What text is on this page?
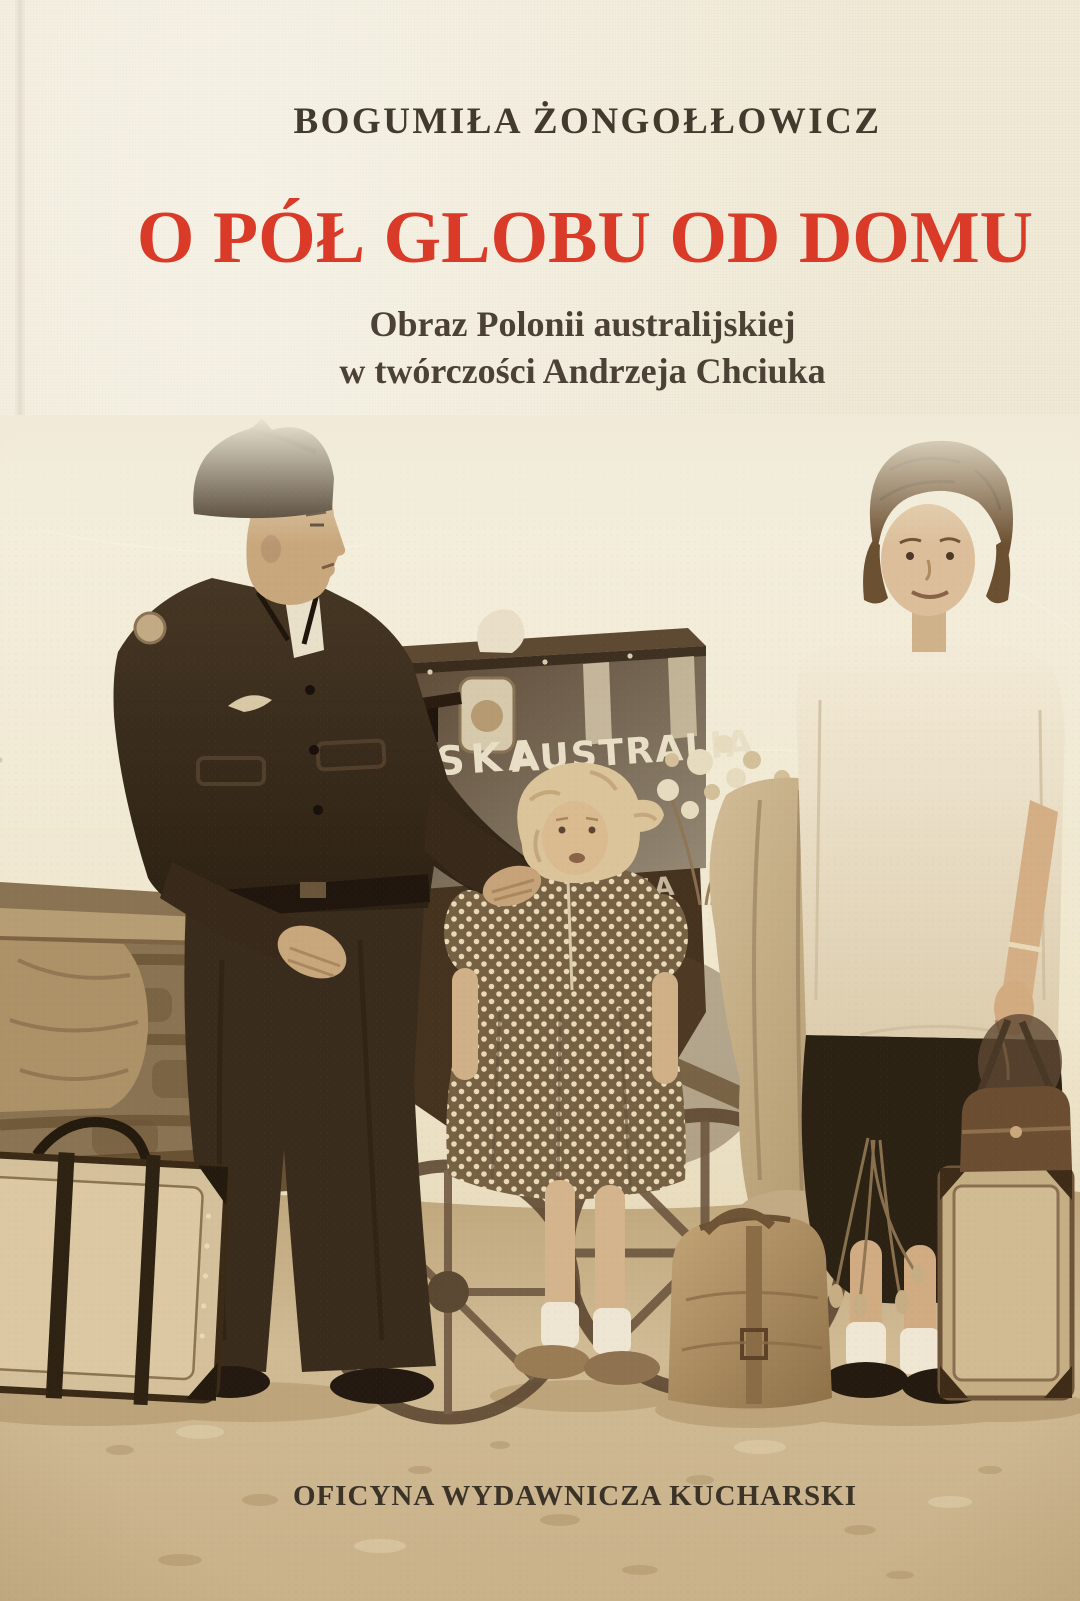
BOGUMIŁA ŻONGOŁŁOWICZ
O PÓŁ GLOBU OD DOMU
Obraz Polonii australijskiej
w twórczości Andrzeja Chciuka
OFICYNA WYDAWNICZA KUCHARSKI
